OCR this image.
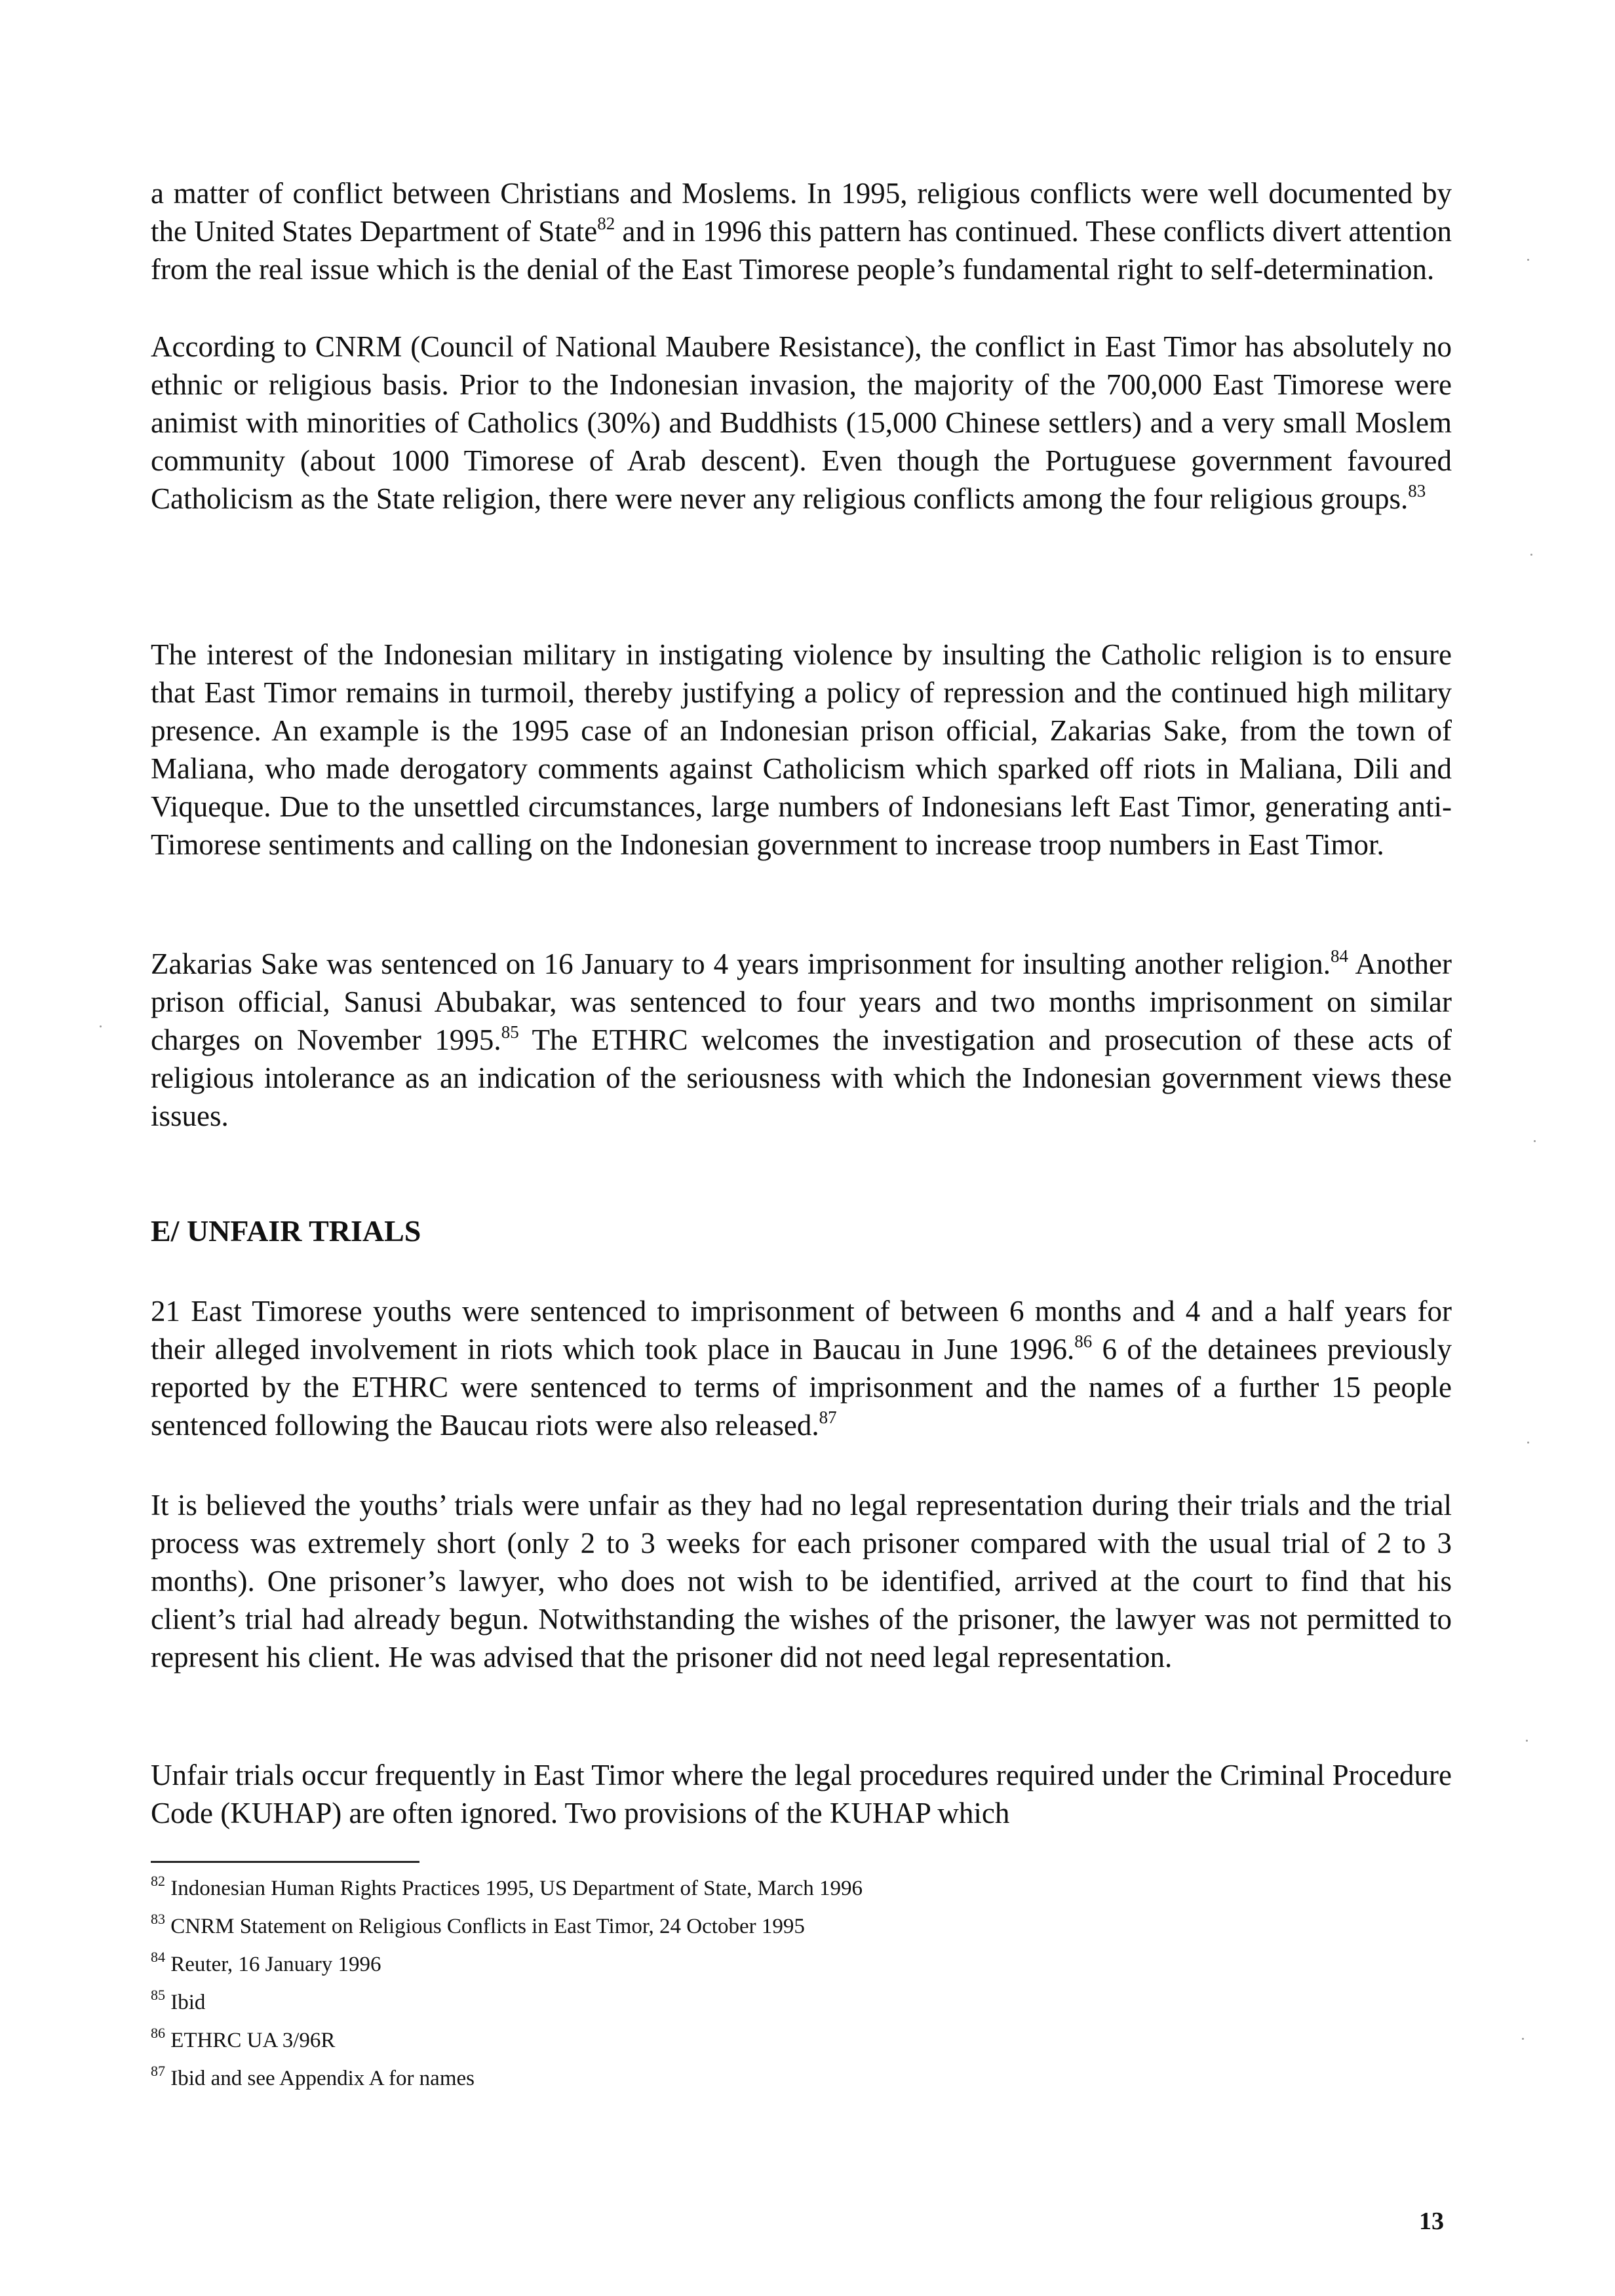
a matter of conflict between Christians and Moslems. In 1995, religious conflicts were well documented by the United States Department of State$^{82}$ and in 1996 this pattern has continued. These conflicts divert attention from the real issue which is the denial of the East Timorese people’s fundamental right to self-determination.

According to CNRM (Council of National Maubere Resistance), the conflict in East Timor has absolutely no ethnic or religious basis. Prior to the Indonesian invasion, the majority of the 700,000 East Timorese were animist with minorities of Catholics (30%) and Buddhists (15,000 Chinese settlers) and a very small Moslem community (about 1000 Timorese of Arab descent). Even though the Portuguese government favoured Catholicism as the State religion, there were never any religious conflicts among the four religious groups.$^{83}$

The interest of the Indonesian military in instigating violence by insulting the Catholic religion is to ensure that East Timor remains in turmoil, thereby justifying a policy of repression and the continued high military presence. An example is the 1995 case of an Indonesian prison official, Zakarias Sake, from the town of Maliana, who made derogatory comments against Catholicism which sparked off riots in Maliana, Dili and Viqueque. Due to the unsettled circumstances, large numbers of Indonesians left East Timor, generating anti-Timorese sentiments and calling on the Indonesian government to increase troop numbers in East Timor.

Zakarias Sake was sentenced on 16 January to 4 years imprisonment for insulting another religion.$^{84}$ Another prison official, Sanusi Abubakar, was sentenced to four years and two months imprisonment on similar charges on November 1995.85 The ETHRC welcomes the investigation and prosecution of these acts of religious intolerance as an indication of the seriousness with which the Indonesian government views these issues.

E/ UNFAIR TRIALS

21 East Timorese youths were sentenced to imprisonment of between 6 months and 4 and a half years for their alleged involvement in riots which took place in Baucau in June 1996.86 6 of the detainees previously reported by the ETHRC were sentenced to terms of imprisonment and the names of a further 15 people sentenced following the Baucau riots were also released.$^{87}$

It is believed the youths’ trials were unfair as they had no legal representation during their trials and the trial process was extremely short (only 2 to 3 weeks for each prisoner compared with the usual trial of 2 to 3 months). One prisoner’s lawyer, who does not wish to be identified, arrived at the court to find that his client’s trial had already begun. Notwithstanding the wishes of the prisoner, the lawyer was not permitted to represent his client. He was advised that the prisoner did not need legal representation.

Unfair trials occur frequently in East Timor where the legal procedures required under the Criminal Procedure Code (KUHAP) are often ignored. Two provisions of the KUHAP which

$^{82}$ Indonesian Human Rights Practices 1995, US Department of State, March 1996

$^{83}$ CNRM Statement on Religious Conflicts in East Timor, 24 October 1995

$^{84}$ Reuter, 16 January 1996

$^{85}$ Ibid

$^{86}$ ETHRC UA 3/96R

$^{87}$ Ibid and see Appendix A for names

13
